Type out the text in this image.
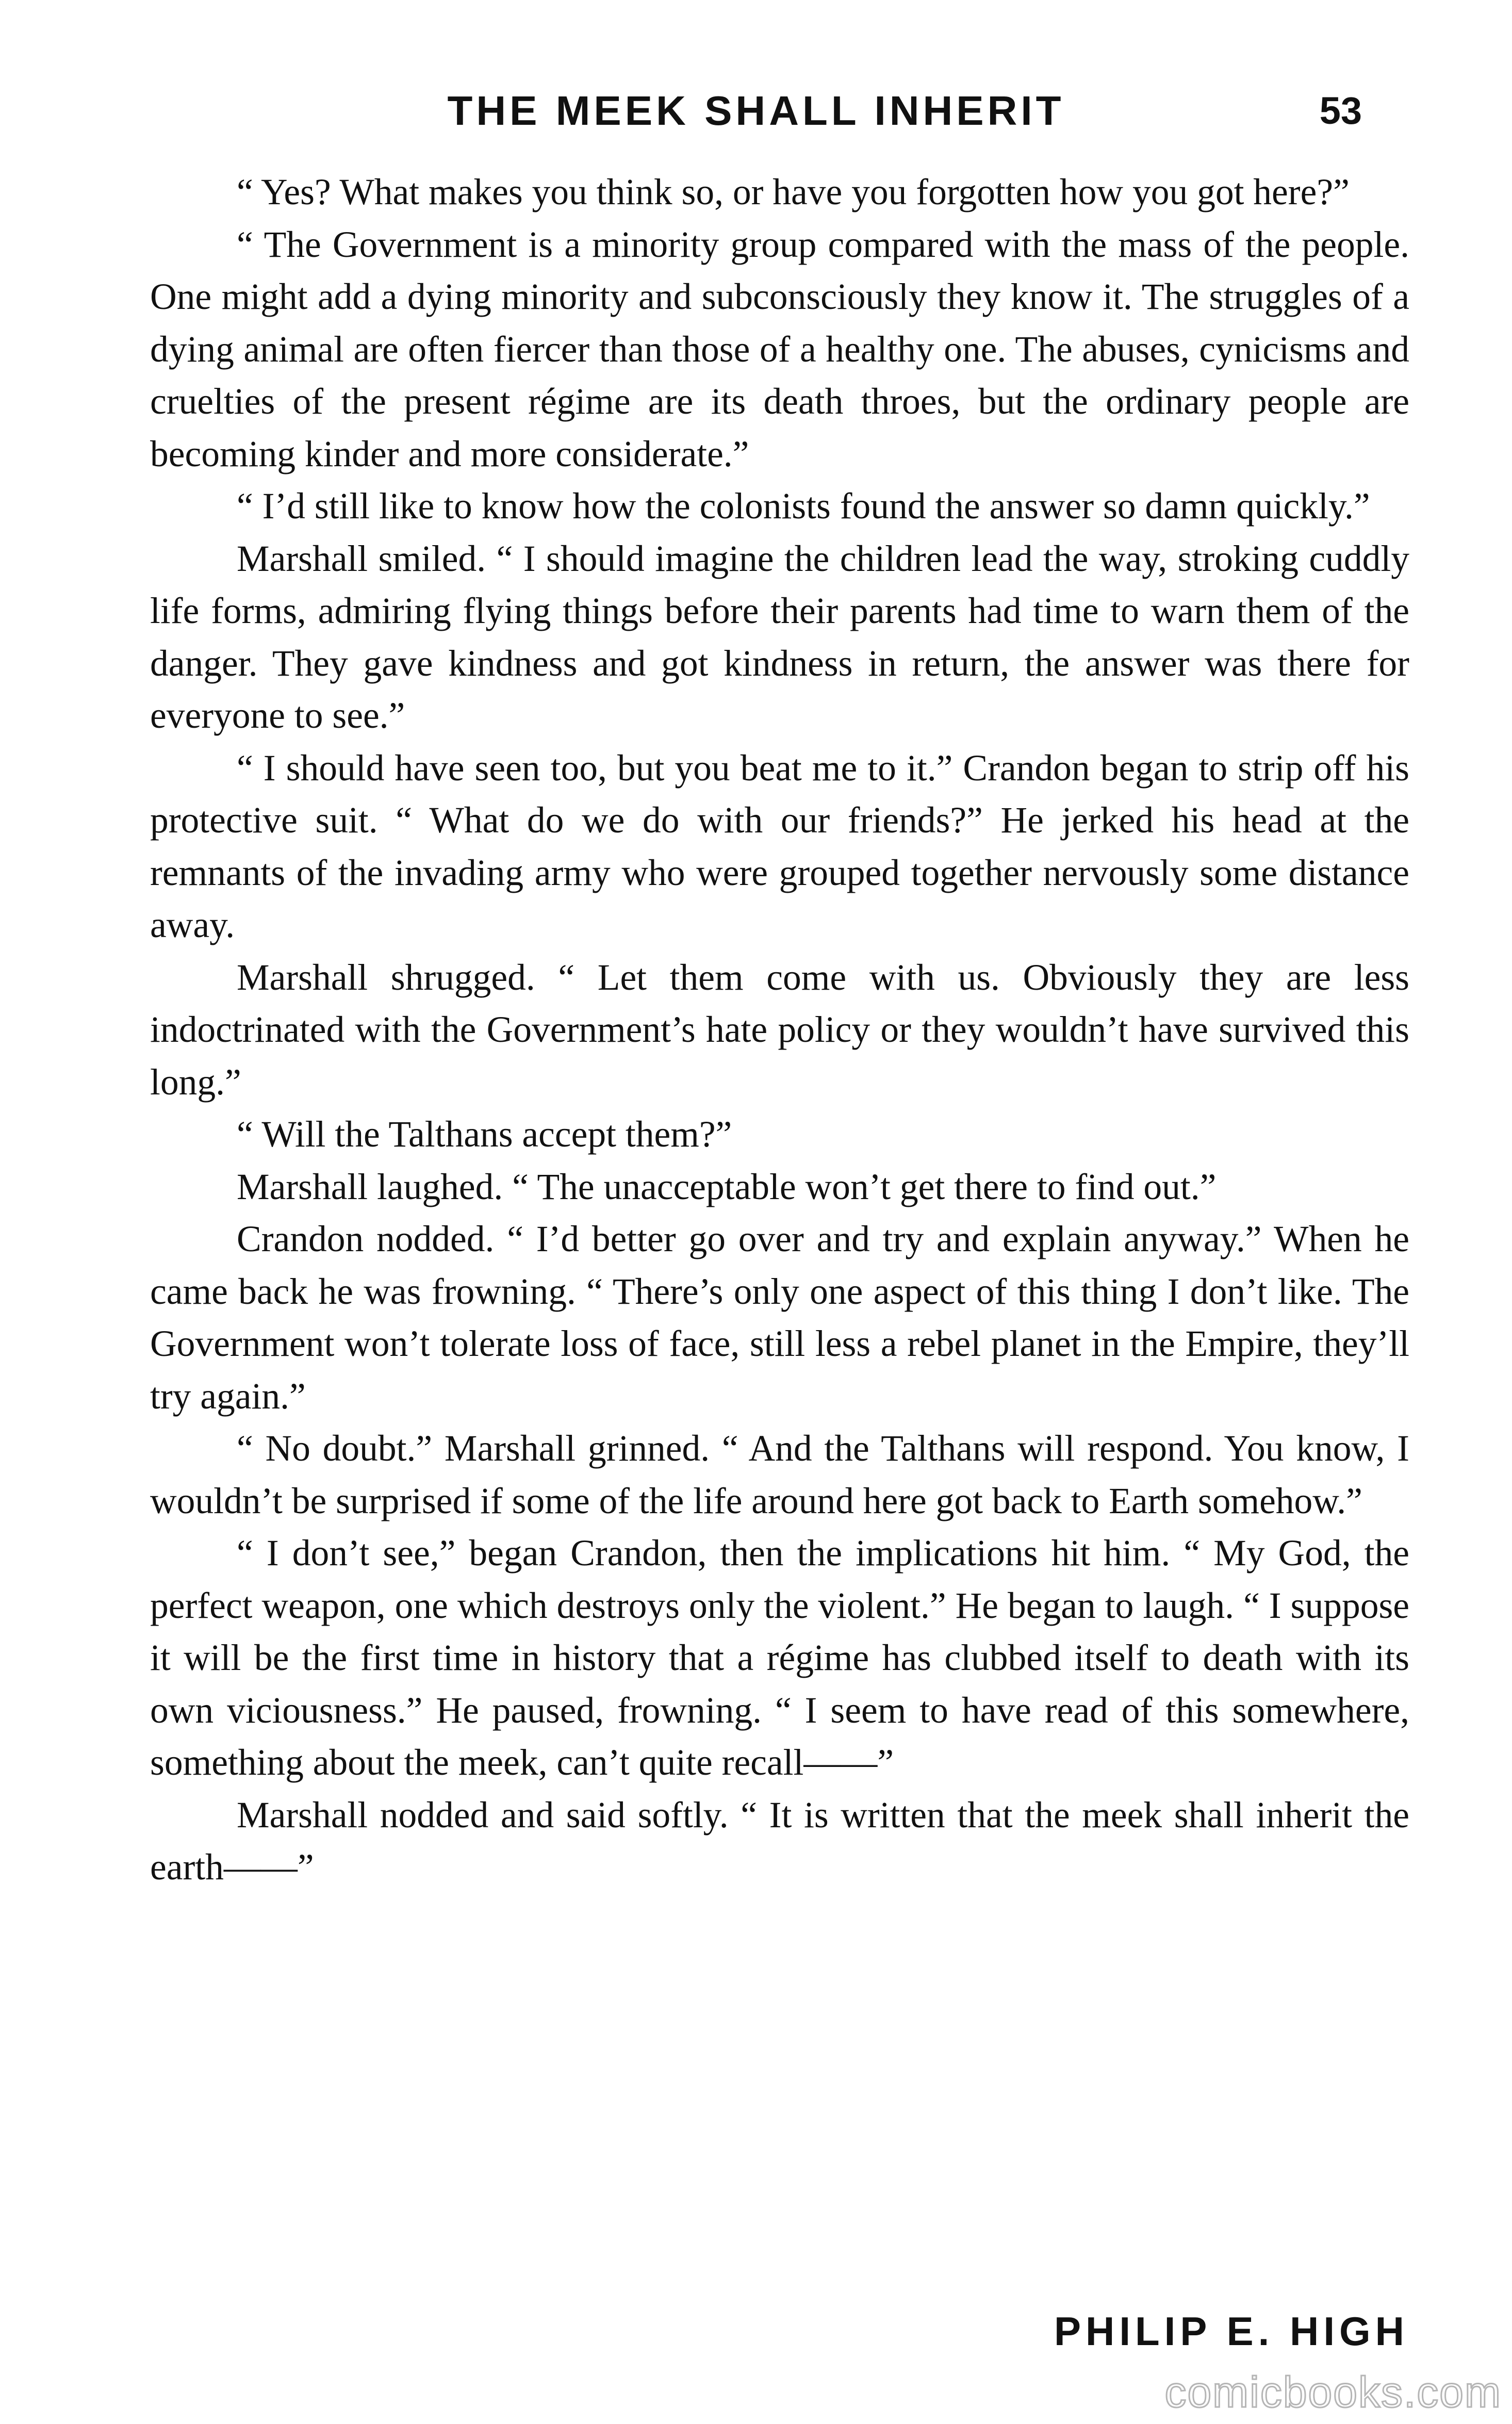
THE MEEK SHALL INHERIT	53

“ Yes? What makes you think so, or have you forgotten how you got here?”

“ The Government is a minority group compared with the mass of the people. One might add a dying minority and subconsciously they know it. The struggles of a dying animal are often fiercer than those of a healthy one. The abuses, cynicisms and cruelties of the present régime are its death throes, but the ordinary people are becoming kinder and more considerate.”

“ I’d still like to know how the colonists found the answer so damn quickly.”

Marshall smiled. “ I should imagine the children lead the way, stroking cuddly life forms, admiring flying things before their parents had time to warn them of the danger. They gave kindness and got kindness in return, the answer was there for everyone to see.”

“ I should have seen too, but you beat me to it.” Crandon began to strip off his protective suit. “ What do we do with our friends?” He jerked his head at the remnants of the invading army who were grouped together nervously some distance away.

Marshall shrugged. “ Let them come with us. Obviously they are less indoctrinated with the Government’s hate policy or they wouldn’t have survived this long.”

“ Will the Talthans accept them?”

Marshall laughed. “ The unacceptable won’t get there to find out.”

Crandon nodded. “ I’d better go over and try and explain anyway.” When he came back he was frowning. “ There’s only one aspect of this thing I don’t like. The Government won’t tolerate loss of face, still less a rebel planet in the Empire, they’ll try again.”

“ No doubt.” Marshall grinned. “ And the Talthans will respond. You know, I wouldn’t be surprised if some of the life around here got back to Earth somehow.”

“ I don’t see,” began Crandon, then the implications hit him. “ My God, the perfect weapon, one which destroys only the violent.” He began to laugh. “ I suppose it will be the first time in history that a régime has clubbed itself to death with its own viciousness.” He paused, frowning. “ I seem to have read of this somewhere, something about the meek, can’t quite recall——”

Marshall nodded and said softly. “ It is written that the meek shall inherit the earth——”

PHILIP E. HIGH
comicbooks.com
